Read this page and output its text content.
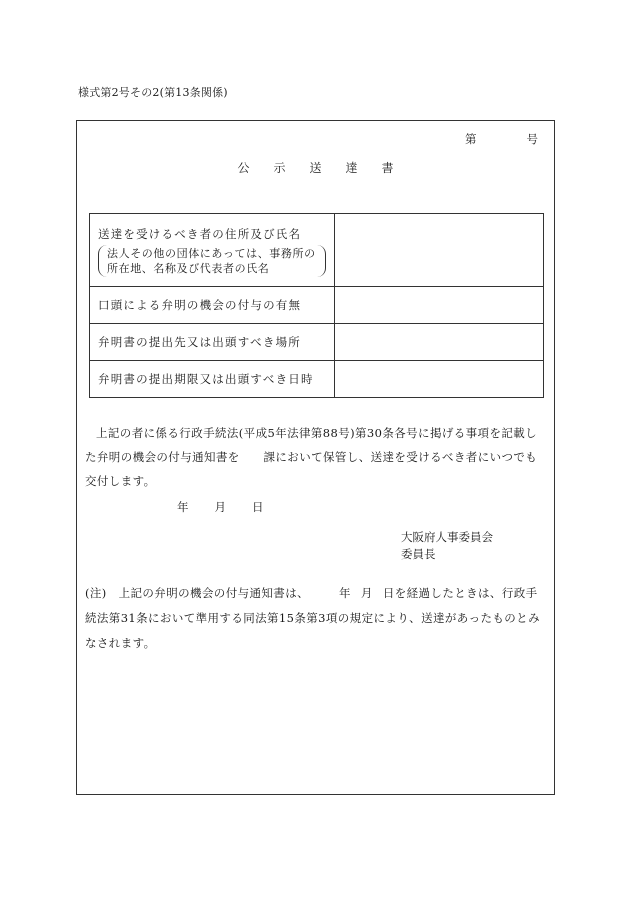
様式第2号その2(第13条関係)
第	号
公示送達書
送達を受けるべき者の住所及び氏名
法人その他の団体にあっては、事務所の所在地、名称及び代表者の氏名	

口頭による弁明の機会の付与の有無	
弁明書の提出先又は出頭すべき場所	
弁明書の提出期限又は出頭すべき日時	
上記の者に係る行政手続法(平成5年法律第88号)第30条各号に掲げる事項を記載した弁明の機会の付与通知書を　　課において保管し、送達を受けるべき者にいつでも交付します。
年 月 日
大阪府人事委員会
委員長
(注)　 上記の弁明の機会の付与通知書は、	年 月 日を経過したときは、行政手続法第31条において準用する同法第15条第3項の規定により、送達があったものとみなされます。
